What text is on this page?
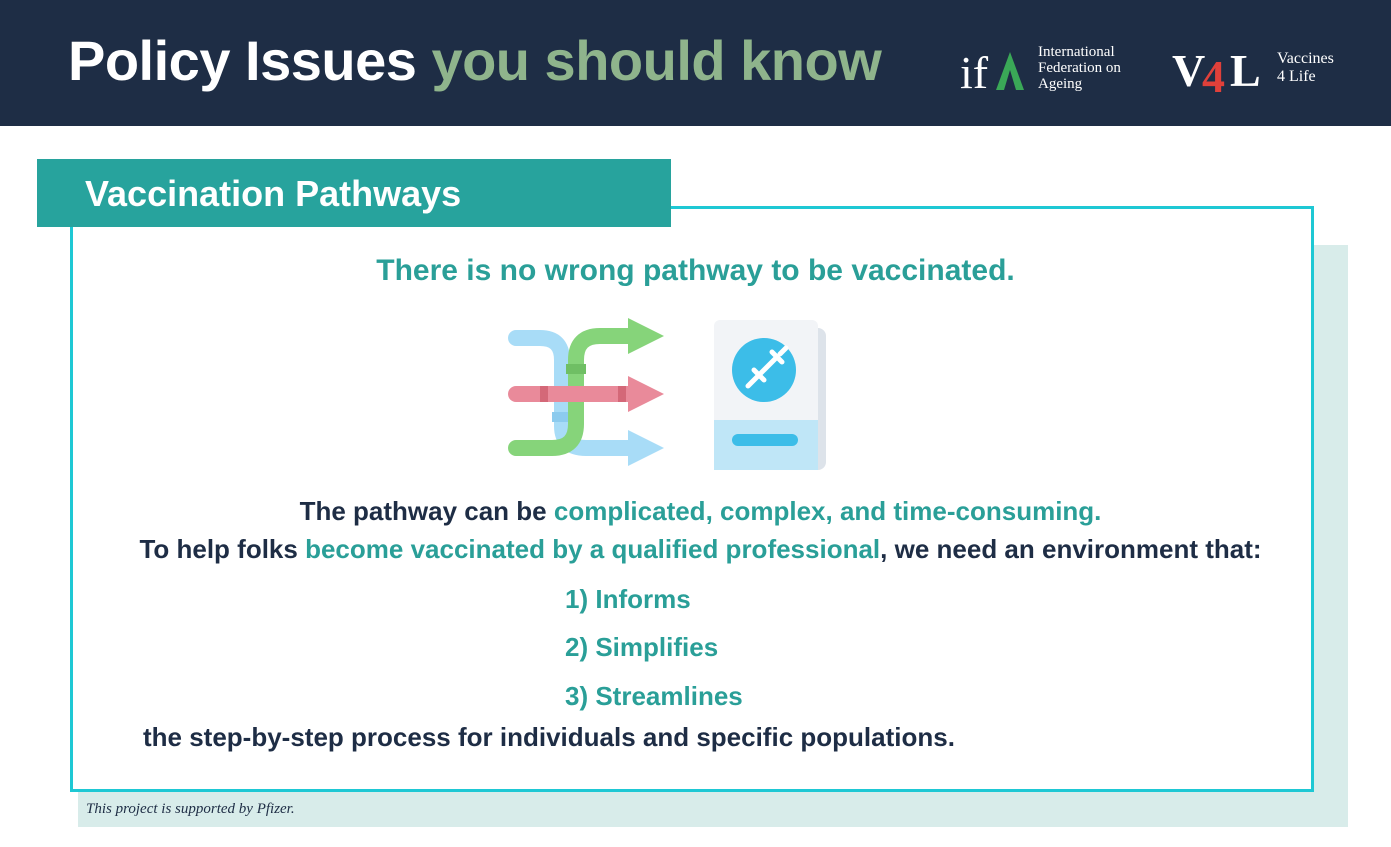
Policy Issues you should know if	International
Federation on
Ageing	V
4 L Vaccines
4 Life
Vaccination Pathways
There is no wrong pathway to be vaccinated.
The pathway can be complicated, complex, and time-consuming.
To help folks become vaccinated by a qualified professional, we need an environment that:
1) Informs
2) Simplifies
3) Streamlines
the step-by-step process for individuals and specific populations.
This project is supported by Pfizer.
